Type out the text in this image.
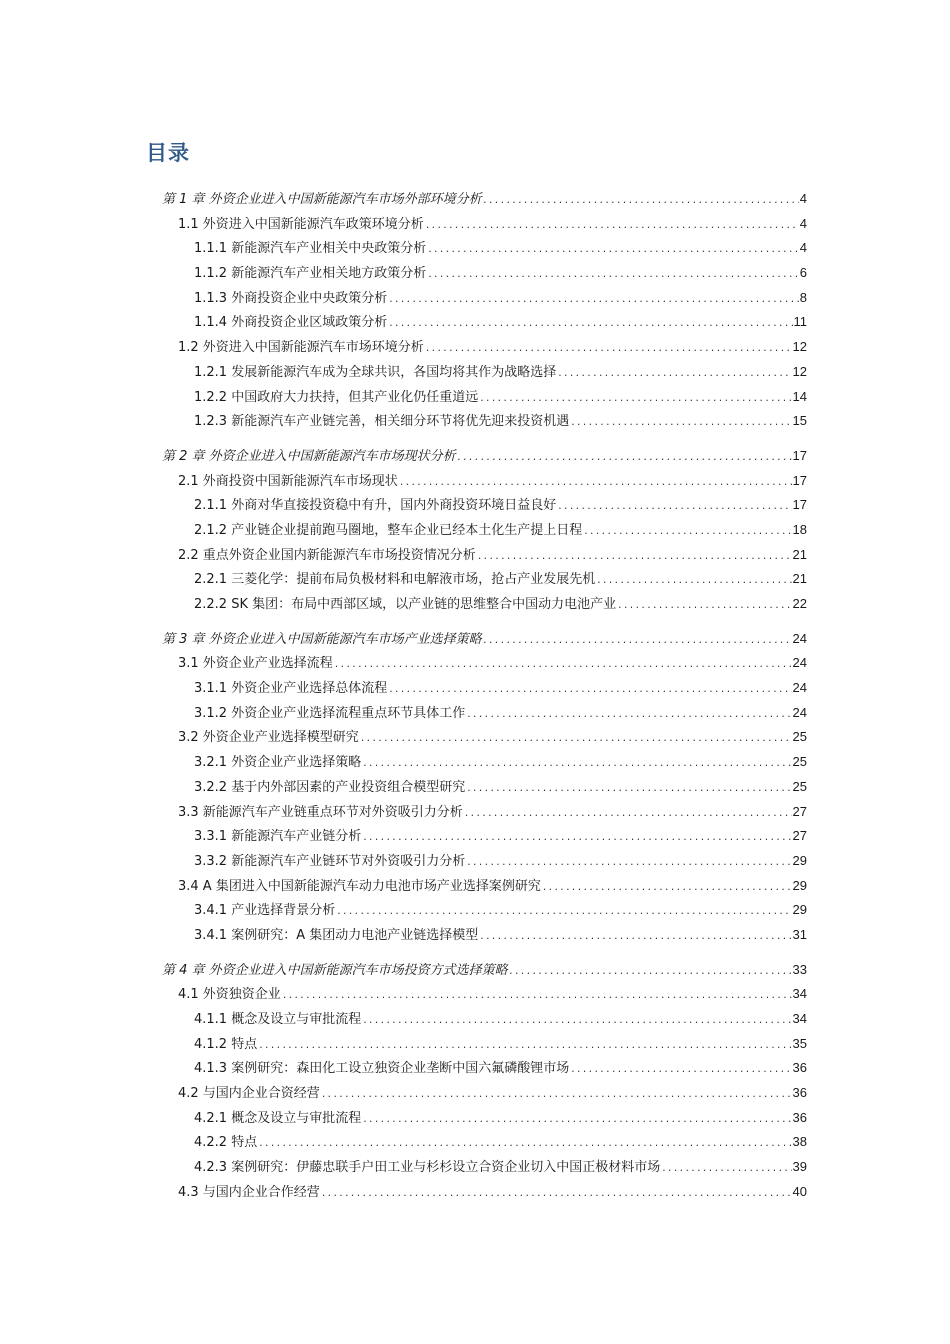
目录
第 1 章 外资企业进入中国新能源汽车市场外部环境分析 .....	4
1.1 外资进入中国新能源汽车政策环境分析 .....	4
1.1.1 新能源汽车产业相关中央政策分析 .....	4
1.1.2 新能源汽车产业相关地方政策分析 .....	6
1.1.3 外商投资企业中央政策分析 .....	8
1.1.4 外商投资企业区域政策分析 .....	11
1.2 外资进入中国新能源汽车市场环境分析 .....	12
1.2.1 发展新能源汽车成为全球共识，各国均将其作为战略选择 .....	12
1.2.2 中国政府大力扶持，但其产业化仍任重道远 .....	14
1.2.3 新能源汽车产业链完善，相关细分环节将优先迎来投资机遇 .....	15
第 2 章 外资企业进入中国新能源汽车市场现状分析 .....	17
2.1 外商投资中国新能源汽车市场现状 .....	17
2.1.1 外商对华直接投资稳中有升，国内外商投资环境日益良好 .....	17
2.1.2 产业链企业提前跑马圈地，整车企业已经本土化生产提上日程 .....	18
2.2 重点外资企业国内新能源汽车市场投资情况分析 .....	21
2.2.1 三菱化学：提前布局负极材料和电解液市场，抢占产业发展先机 .....	21
2.2.2 SK 集团：布局中西部区域，以产业链的思维整合中国动力电池产业 .....	22
第 3 章 外资企业进入中国新能源汽车市场产业选择策略 .....	24
3.1 外资企业产业选择流程 .....	24
3.1.1 外资企业产业选择总体流程 .....	24
3.1.2 外资企业产业选择流程重点环节具体工作 .....	24
3.2 外资企业产业选择模型研究 .....	25
3.2.1 外资企业产业选择策略 .....	25
3.2.2 基于内外部因素的产业投资组合模型研究 .....	25
3.3 新能源汽车产业链重点环节对外资吸引力分析 .....	27
3.3.1 新能源汽车产业链分析 .....	27
3.3.2 新能源汽车产业链环节对外资吸引力分析 .....	29
3.4 A 集团进入中国新能源汽车动力电池市场产业选择案例研究 .....	29
3.4.1 产业选择背景分析 .....	29
3.4.1 案例研究：A 集团动力电池产业链选择模型 .....	31
第 4 章 外资企业进入中国新能源汽车市场投资方式选择策略 .....	33
4.1 外资独资企业 .....	34
4.1.1 概念及设立与审批流程 .....	34
4.1.2 特点 .....	35
4.1.3 案例研究：森田化工设立独资企业垄断中国六氟磷酸锂市场 .....	36
4.2 与国内企业合资经营 .....	36
4.2.1 概念及设立与审批流程 .....	36
4.2.2 特点 .....	38
4.2.3 案例研究：伊藤忠联手户田工业与杉杉设立合资企业切入中国正极材料市场 .....	39
4.3 与国内企业合作经营 .....	40
